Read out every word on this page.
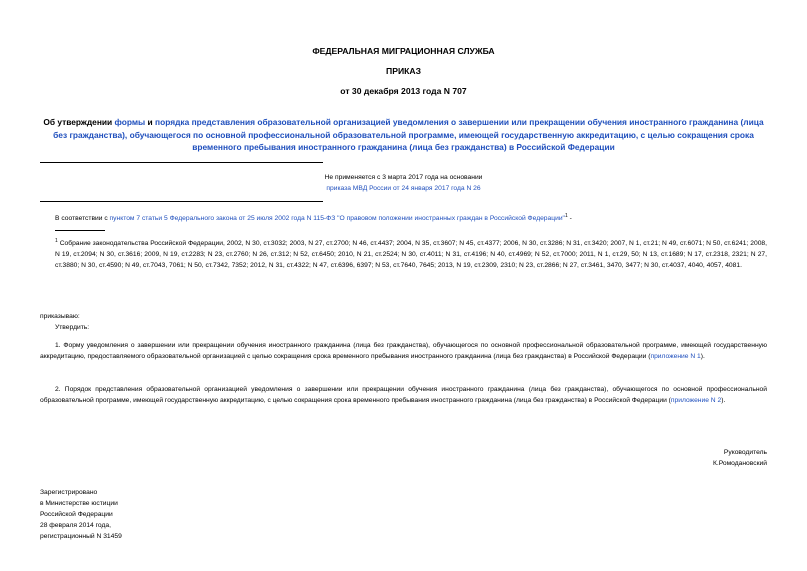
ФЕДЕРАЛЬНАЯ МИГРАЦИОННАЯ СЛУЖБА
ПРИКАЗ
от 30 декабря 2013 года N 707
Об утверждении формы и порядка представления образовательной организацией уведомления о завершении или прекращении обучения иностранного гражданина (лица без гражданства), обучающегося по основной профессиональной образовательной программе, имеющей государственную аккредитацию, с целью сокращения срока временного пребывания иностранного гражданина (лица без гражданства) в Российской Федерации
Не применяется с 3 марта 2017 года на основании
приказа МВД России от 24 января 2017 года N 26
В соответствии с пунктом 7 статьи 5 Федерального закона от 25 июля 2002 года N 115-ФЗ "О правовом положении иностранных граждан в Российской Федерации"$^1$ -
$^1$ Собрание законодательства Российской Федерации, 2002, N 30, ст.3032; 2003, N 27, ст.2700; N 46, ст.4437; 2004, N 35, ст.3607; N 45, ст.4377; 2006, N 30, ст.3286; N 31, ст.3420; 2007, N 1, ст.21; N 49, ст.6071; N 50, ст.6241; 2008, N 19, ст.2094; N 30, ст.3616; 2009, N 19, ст.2283; N 23, ст.2760; N 26, ст.312; N 52, ст.6450; 2010, N 21, ст.2524; N 30, ст.4011; N 31, ст.4196; N 40, ст.4969; N 52, ст.7000; 2011, N 1, ст.29, 50; N 13, ст.1689; N 17, ст.2318, 2321; N 27, ст.3880; N 30, ст.4590; N 49, ст.7043, 7061; N 50, ст.7342, 7352; 2012, N 31, ст.4322; N 47, ст.6396, 6397; N 53, ст.7640, 7645; 2013, N 19, ст.2309, 2310; N 23, ст.2866; N 27, ст.3461, 3470, 3477; N 30, ст.4037, 4040, 4057, 4081.
приказываю:
Утвердить:
1. Форму уведомления о завершении или прекращении обучения иностранного гражданина (лица без гражданства), обучающегося по основной профессиональной образовательной программе, имеющей государственную аккредитацию, предоставляемого образовательной организацией с целью сокращения срока временного пребывания иностранного гражданина (лица без гражданства) в Российской Федерации (приложение N 1).
2. Порядок представления образовательной организацией уведомления о завершении или прекращении обучения иностранного гражданина (лица без гражданства), обучающегося по основной профессиональной образовательной программе, имеющей государственную аккредитацию, с целью сокращения срока временного пребывания иностранного гражданина (лица без гражданства) в Российской Федерации (приложение N 2).
Руководитель
К.Ромодановский
Зарегистрировано
в Министерстве юстиции
Российской Федерации
28 февраля 2014 года,
регистрационный N 31459
